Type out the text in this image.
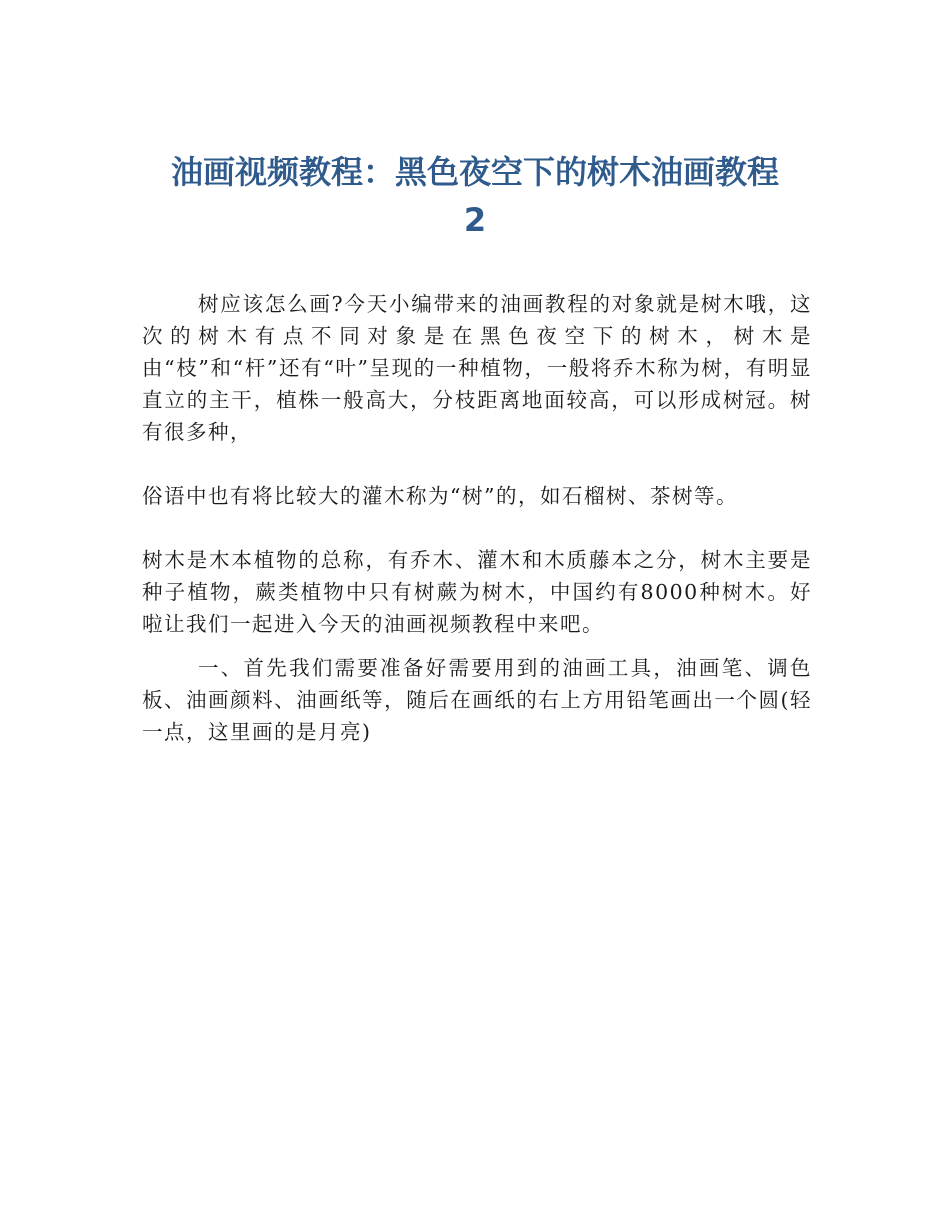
油画视频教程：黑色夜空下的树木油画教程
2

树应该怎么画?今天小编带来的油画教程的对象就是树木哦，这次的树木有点不同对象是在黑色夜空下的树木，树木是由“枝”和“杆”还有“叶”呈现的一种植物，一般将乔木称为树，有明显直立的主干，植株一般高大，分枝距离地面较高，可以形成树冠。树有很多种，

俗语中也有将比较大的灌木称为“树”的，如石榴树、茶树等。

树木是木本植物的总称，有乔木、灌木和木质藤本之分，树木主要是种子植物，蕨类植物中只有树蕨为树木，中国约有8000种树木。好啦让我们一起进入今天的油画视频教程中来吧。

一、首先我们需要准备好需要用到的油画工具，油画笔、调色板、油画颜料、油画纸等，随后在画纸的右上方用铅笔画出一个圆(轻一点，这里画的是月亮)
